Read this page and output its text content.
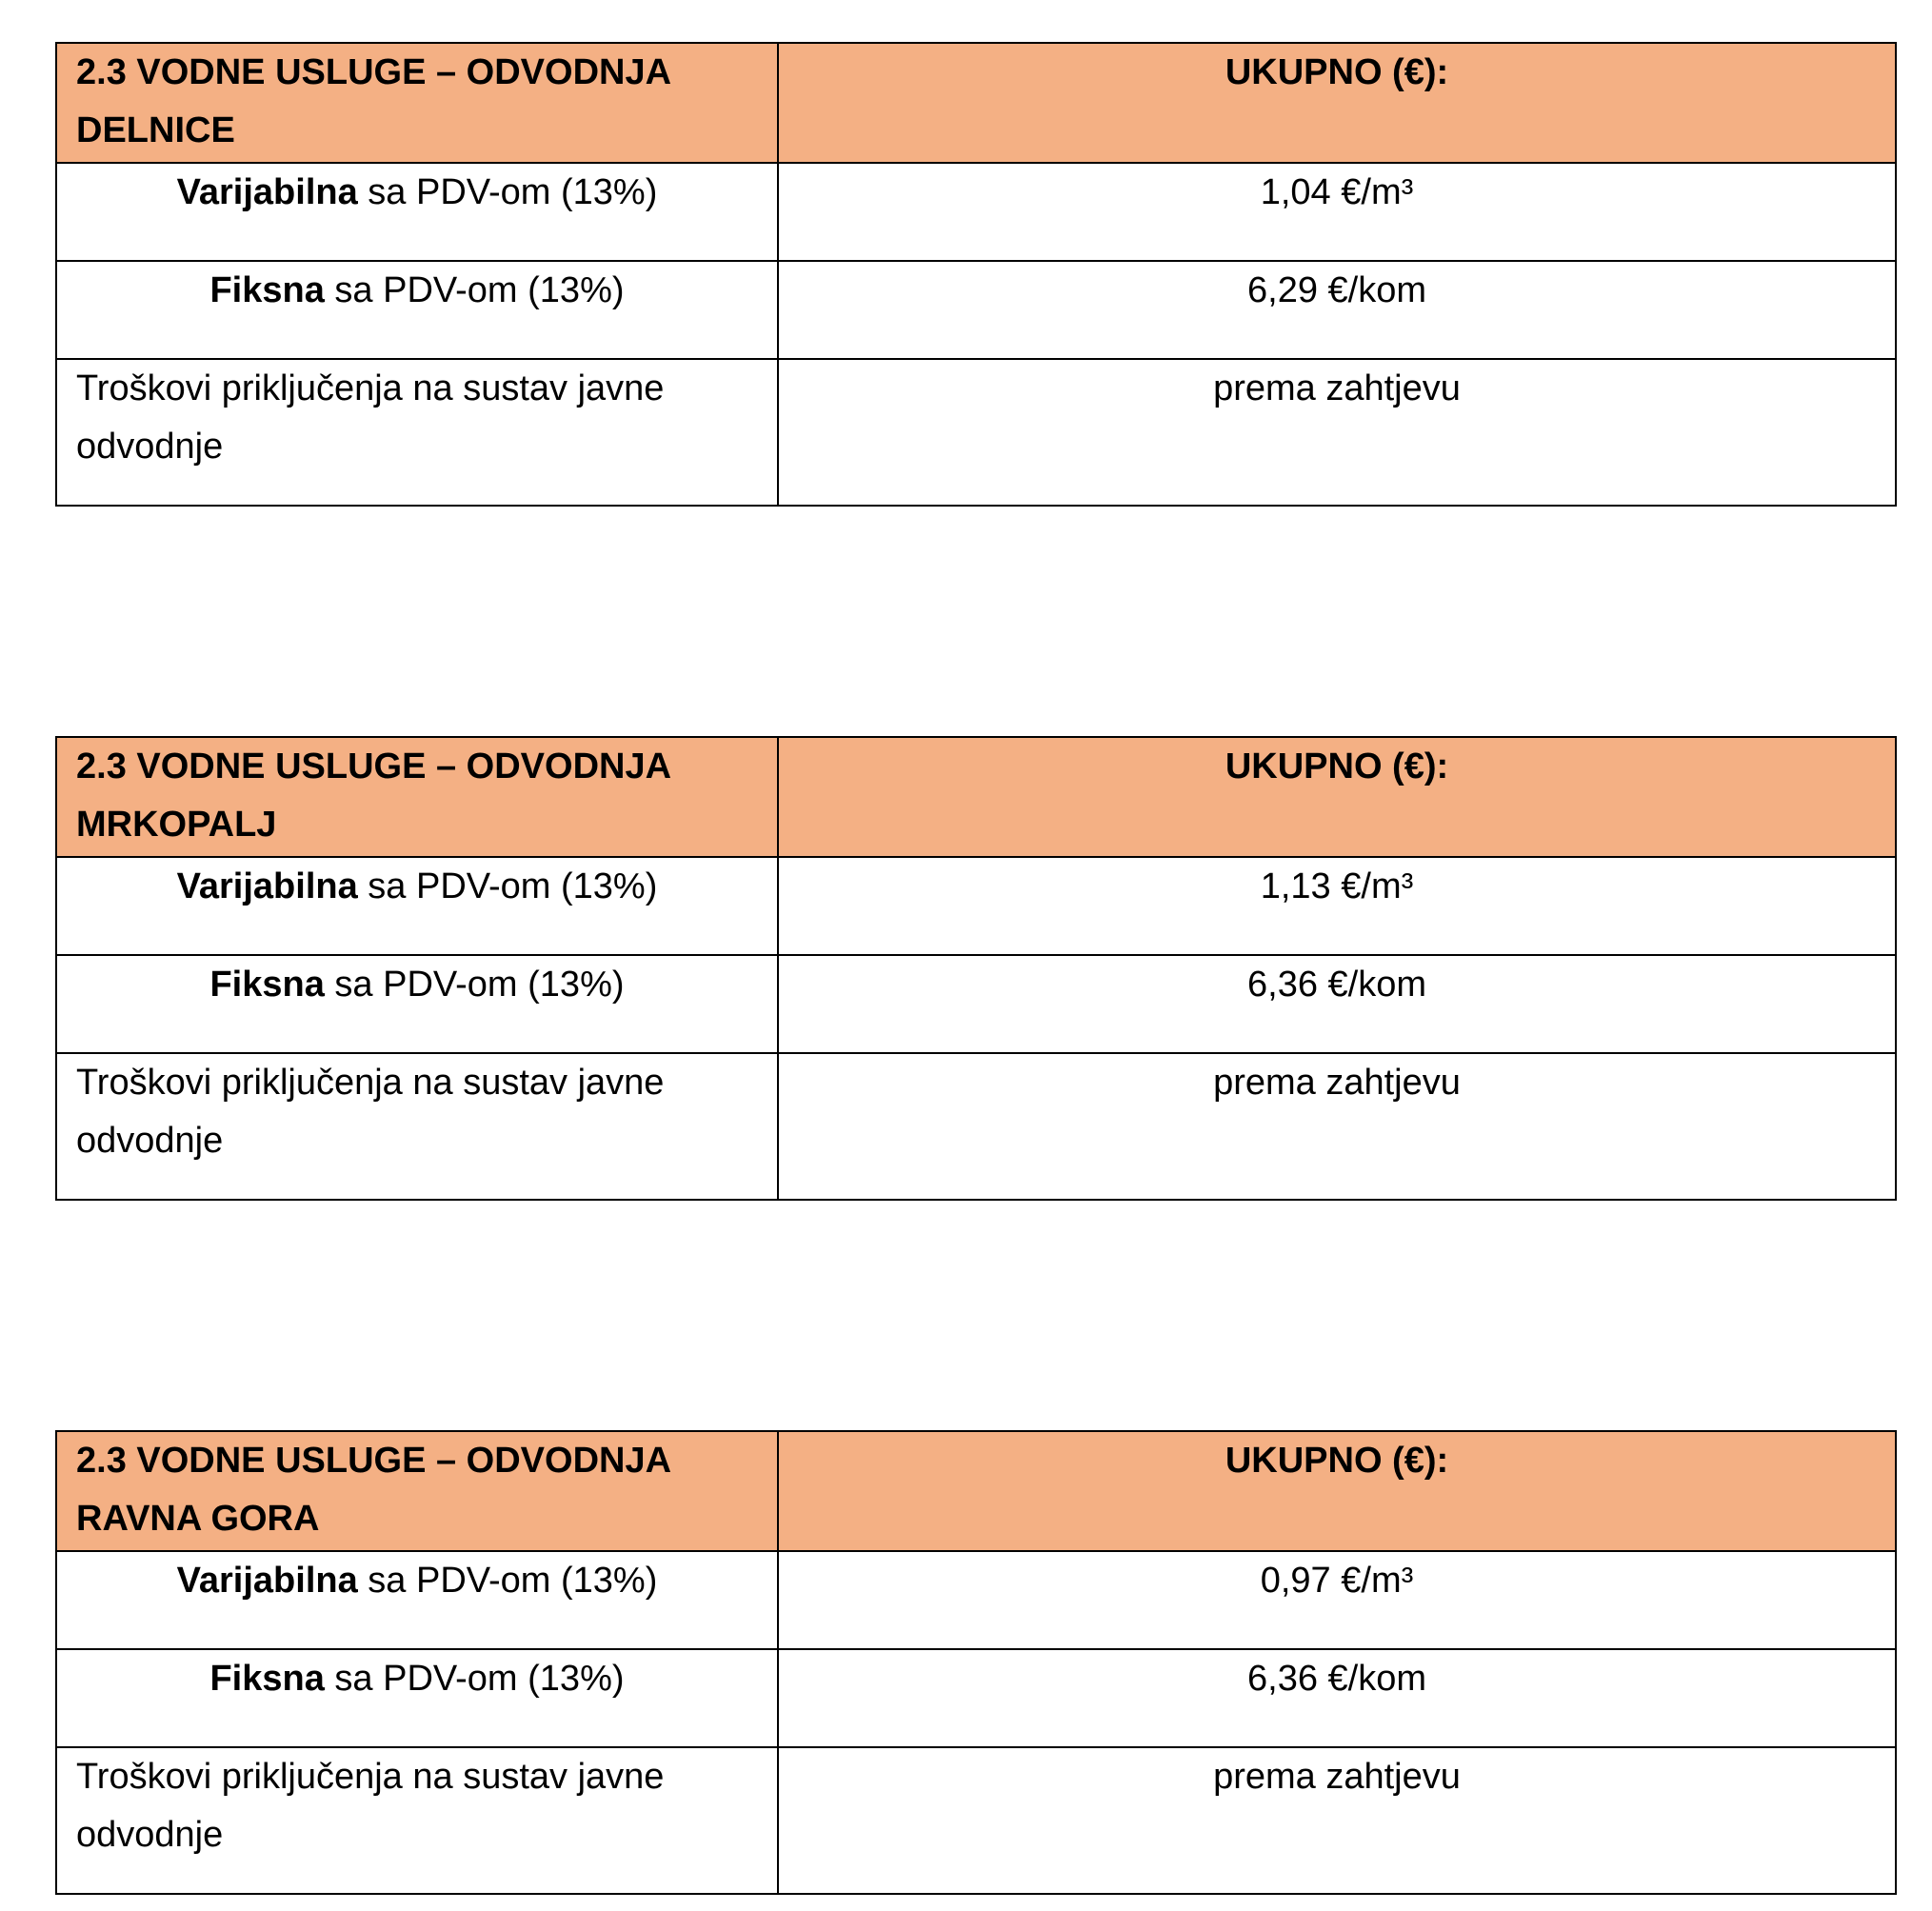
2.3 VODNE USLUGE – ODVODNJA
DELNICE	UKUPNO (€):
Varijabilna sa PDV-om (13%)	1,04 €/m³
Fiksna sa PDV-om (13%)	6,29 €/kom
Troškovi priključenja na sustav javne odvodnje	prema zahtjevu
2.3 VODNE USLUGE – ODVODNJA
MRKOPALJ	UKUPNO (€):
Varijabilna sa PDV-om (13%)	1,13 €/m³
Fiksna sa PDV-om (13%)	6,36 €/kom
Troškovi priključenja na sustav javne odvodnje	prema zahtjevu
2.3 VODNE USLUGE – ODVODNJA
RAVNA GORA	UKUPNO (€):
Varijabilna sa PDV-om (13%)	0,97 €/m³
Fiksna sa PDV-om (13%)	6,36 €/kom
Troškovi priključenja na sustav javne odvodnje	prema zahtjevu
